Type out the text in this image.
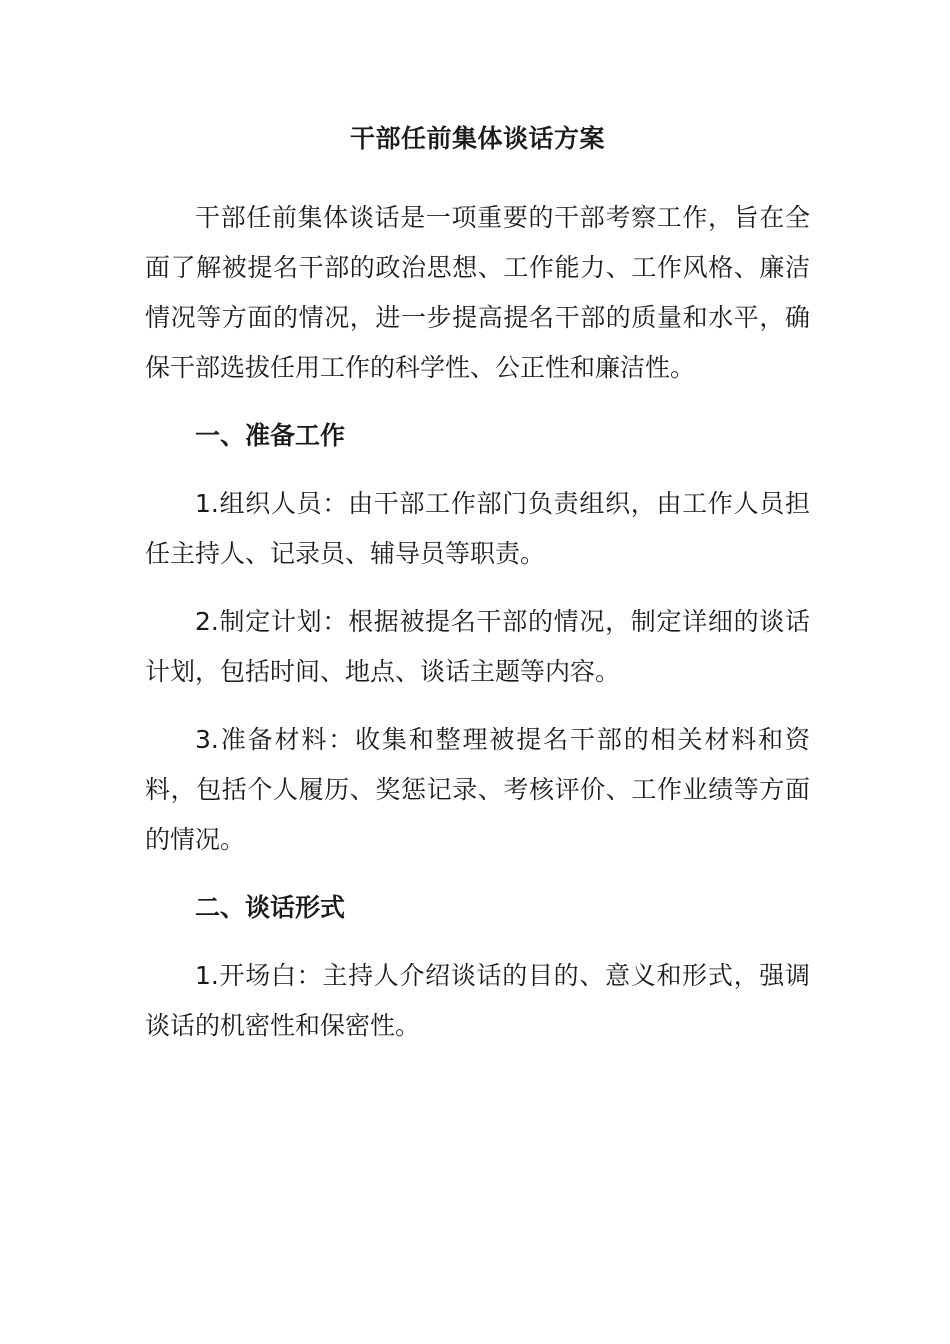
干部任前集体谈话方案

干部任前集体谈话是一项重要的干部考察工作，旨在全面了解被提名干部的政治思想、工作能力、工作风格、廉洁情况等方面的情况，进一步提高提名干部的质量和水平，确保干部选拔任用工作的科学性、公正性和廉洁性。

一、准备工作

1.组织人员：由干部工作部门负责组织，由工作人员担任主持人、记录员、辅导员等职责。

2.制定计划：根据被提名干部的情况，制定详细的谈话计划，包括时间、地点、谈话主题等内容。

3.准备材料：收集和整理被提名干部的相关材料和资料，包括个人履历、奖惩记录、考核评价、工作业绩等方面的情况。

二、谈话形式

1.开场白：主持人介绍谈话的目的、意义和形式，强调谈话的机密性和保密性。
